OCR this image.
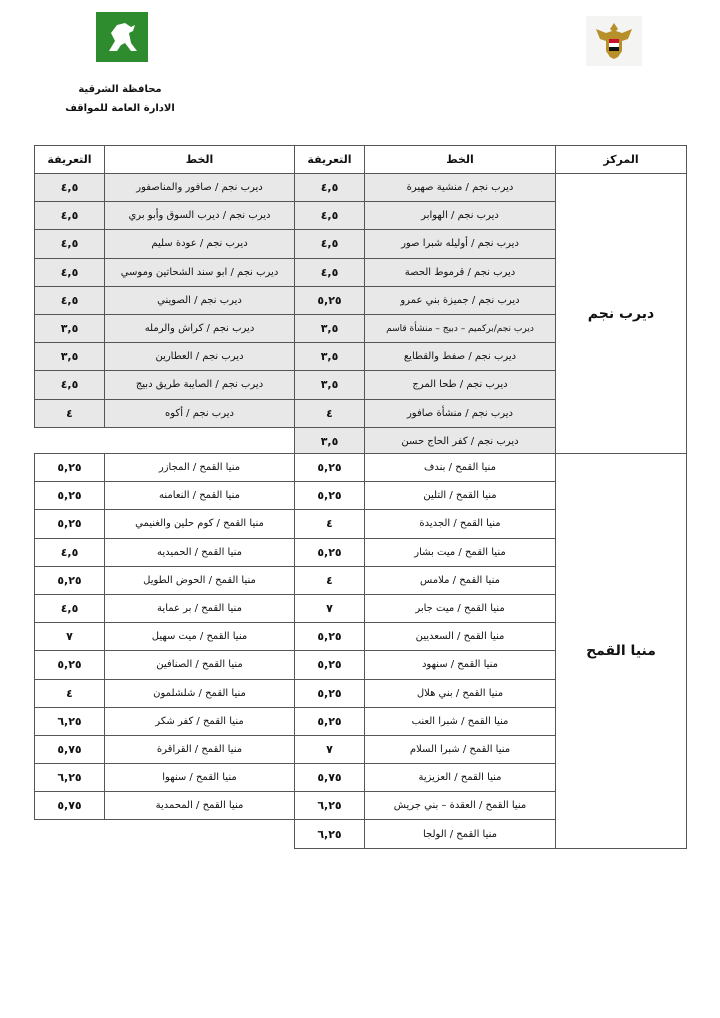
محافظة الشرقية
الادارة العامة للمواقف
المركز	الخط	التعريفة	الخط	التعريفة
ديرب نجم	ديرب نجم / منشية صهيرة	٤,٥	ديرب نجم / صافور والمناصفور	٤,٥
	ديرب نجم / الهوابر	٤,٥	ديرب نجم / ديرب السوق وأبو بري	٤,٥
	ديرب نجم / أوليله شبرا صور	٤,٥	ديرب نجم / عودة سليم	٤,٥
	ديرب نجم / قرموط الحصة	٤,٥	ديرب نجم / ابو سند الشحاتين وموسي	٤,٥
	ديرب نجم / جميزة بني عمرو	٥,٢٥	ديرب نجم / الصويني	٤,٥
	ديرب نجم/بركميم – دبيج – منشأة قاسم	٣,٥	ديرب نجم / كراش والرمله	٣,٥
	ديرب نجم / صفط والقطايع	٣,٥	ديرب نجم / العطارين	٣,٥
	ديرب نجم / طحا المرج	٣,٥	ديرب نجم / الصايبة طريق دبيج	٤,٥
	ديرب نجم / منشأة صافور	٤	ديرب نجم / أكوه	٤
	ديرب نجم / كفر الحاج حسن	٣,٥		
منيا القمح	منيا القمح / بندف	٥,٢٥	منيا القمح / المجازر	٥,٢٥
	منيا القمح / التلين	٥,٢٥	منيا القمح / النعامنه	٥,٢٥
	منيا القمح / الجديدة	٤	منيا القمح / كوم حلين والغنيمي	٥,٢٥
	منيا القمح / ميت بشار	٥,٢٥	منيا القمح / الحميديه	٤,٥
	منيا القمح / ملامس	٤	منيا القمح / الحوض الطويل	٥,٢٥
	منيا القمح / ميت جابر	٧	منيا القمح / بر عماية	٤,٥
	منيا القمح / السعديين	٥,٢٥	منيا القمح / ميت سهيل	٧
	منيا القمح / سنهود	٥,٢٥	منيا القمح / الصنافين	٥,٢٥
	منيا القمح / بني هلال	٥,٢٥	منيا القمح / شلشلمون	٤
	منيا القمح / شبرا العنب	٥,٢٥	منيا القمح / كفر شكر	٦,٢٥
	منيا القمح / شبرا السلام	٧	منيا القمح / القراقرة	٥,٧٥
	منيا القمح / العزيزية	٥,٧٥	منيا القمح / سنهوا	٦,٢٥
	منيا القمح / العقدة – بني جريش	٦,٢٥	منيا القمح / المحمدية	٥,٧٥
	منيا القمح / الولجا	٦,٢٥		
